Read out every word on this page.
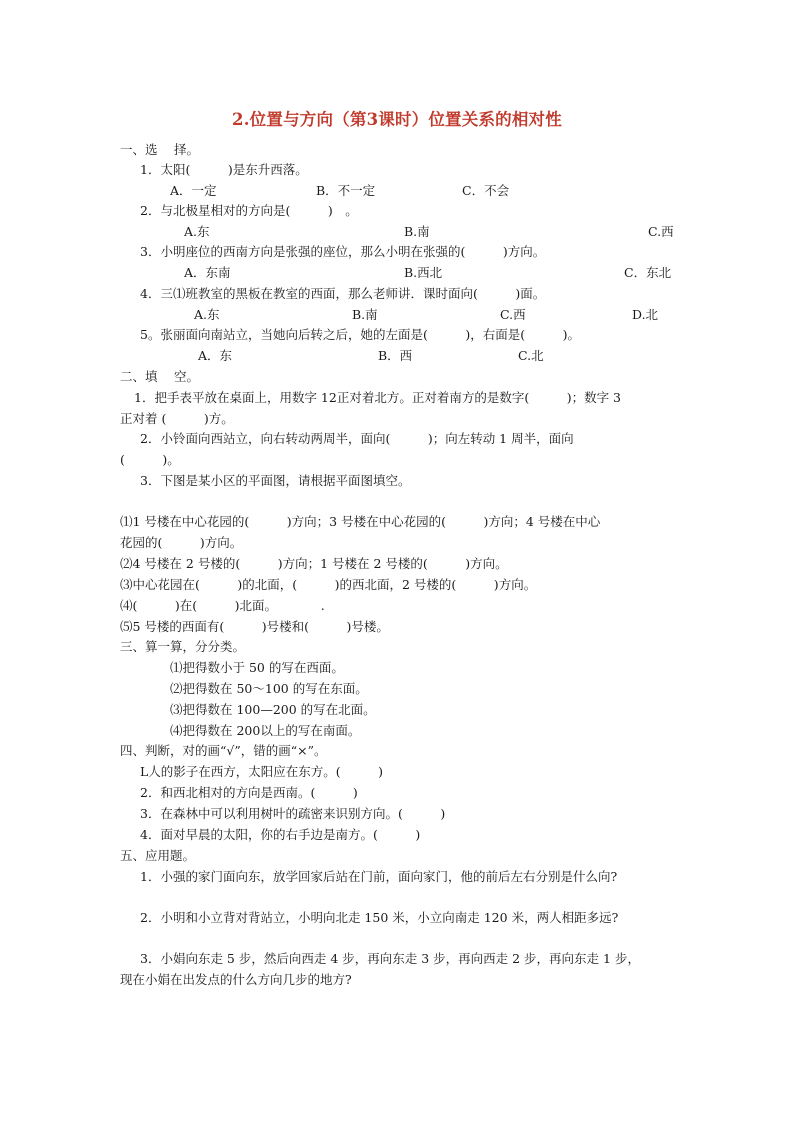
2.位置与方向（第3课时）位置关系的相对性
一、选　 择。
1．太阳(　　　)是东升西落。
A．一定	B．不一定	C．不会
2．与北极星相对的方向是(　　　)　。
A.东	B.南	C.西
3．小明座位的西南方向是张强的座位，那么小明在张强的(　　　)方向。
A．东南	B.西北	C．东北
4．三⑴班教室的黑板在教室的西面，那么老师讲．课时面向(　　　)面。
A.东	B.南	C.西	D.北
5。张丽面向南站立，当她向后转之后，她的左面是(　　　)，右面是(　　　)。
A．东	B．西	C.北
二、填　 空。
1．把手表平放在桌面上，用数字 12正对着北方。正对着南方的是数字(　　　)；数字 3
正对着 (　　　)方。
2．小铃面向西站立，向右转动两周半，面向(　　　)；向左转动 1 周半，面向
(　　　)。
3．下图是某小区的平面图，请根据平面图填空。
⑴1 号楼在中心花园的(　　　)方向；3 号楼在中心花园的(　　　)方向；4 号楼在中心
花园的(　　　)方向。
⑵4 号楼在 2 号楼的(　　　)方向；1 号楼在 2 号楼的(　　　)方向。
⑶中心花园在(　　　)的北面，(　　　)的西北面，2 号楼的(　　　)方向。
⑷(　　　)在(　　　)北面。　　　　.
⑸5 号楼的西面有(　　　)号楼和(　　　)号楼。
三、算一算，分分类。
⑴把得数小于 50 的写在西面。
⑵把得数在 50～100 的写在东面。
⑶把得数在 100—200 的写在北面。
⑷把得数在 200以上的写在南面。
四、判断，对的画“√”，错的画“×”。
L人的影子在西方，太阳应在东方。(　　　)
2．和西北相对的方向是西南。(　　　)
3．在森林中可以利用树叶的疏密来识别方向。(　　　)
4．面对早晨的太阳，你的右手边是南方。(　　　)
五、应用题。
1．小强的家门面向东，放学回家后站在门前，面向家门，他的前后左右分别是什么向?
2．小明和小立背对背站立，小明向北走 150 米，小立向南走 120 米，两人相距多远?
3．小娟向东走 5 步，然后向西走 4 步，再向东走 3 步，再向西走 2 步，再向东走 1 步，
现在小娟在出发点的什么方向几步的地方?
